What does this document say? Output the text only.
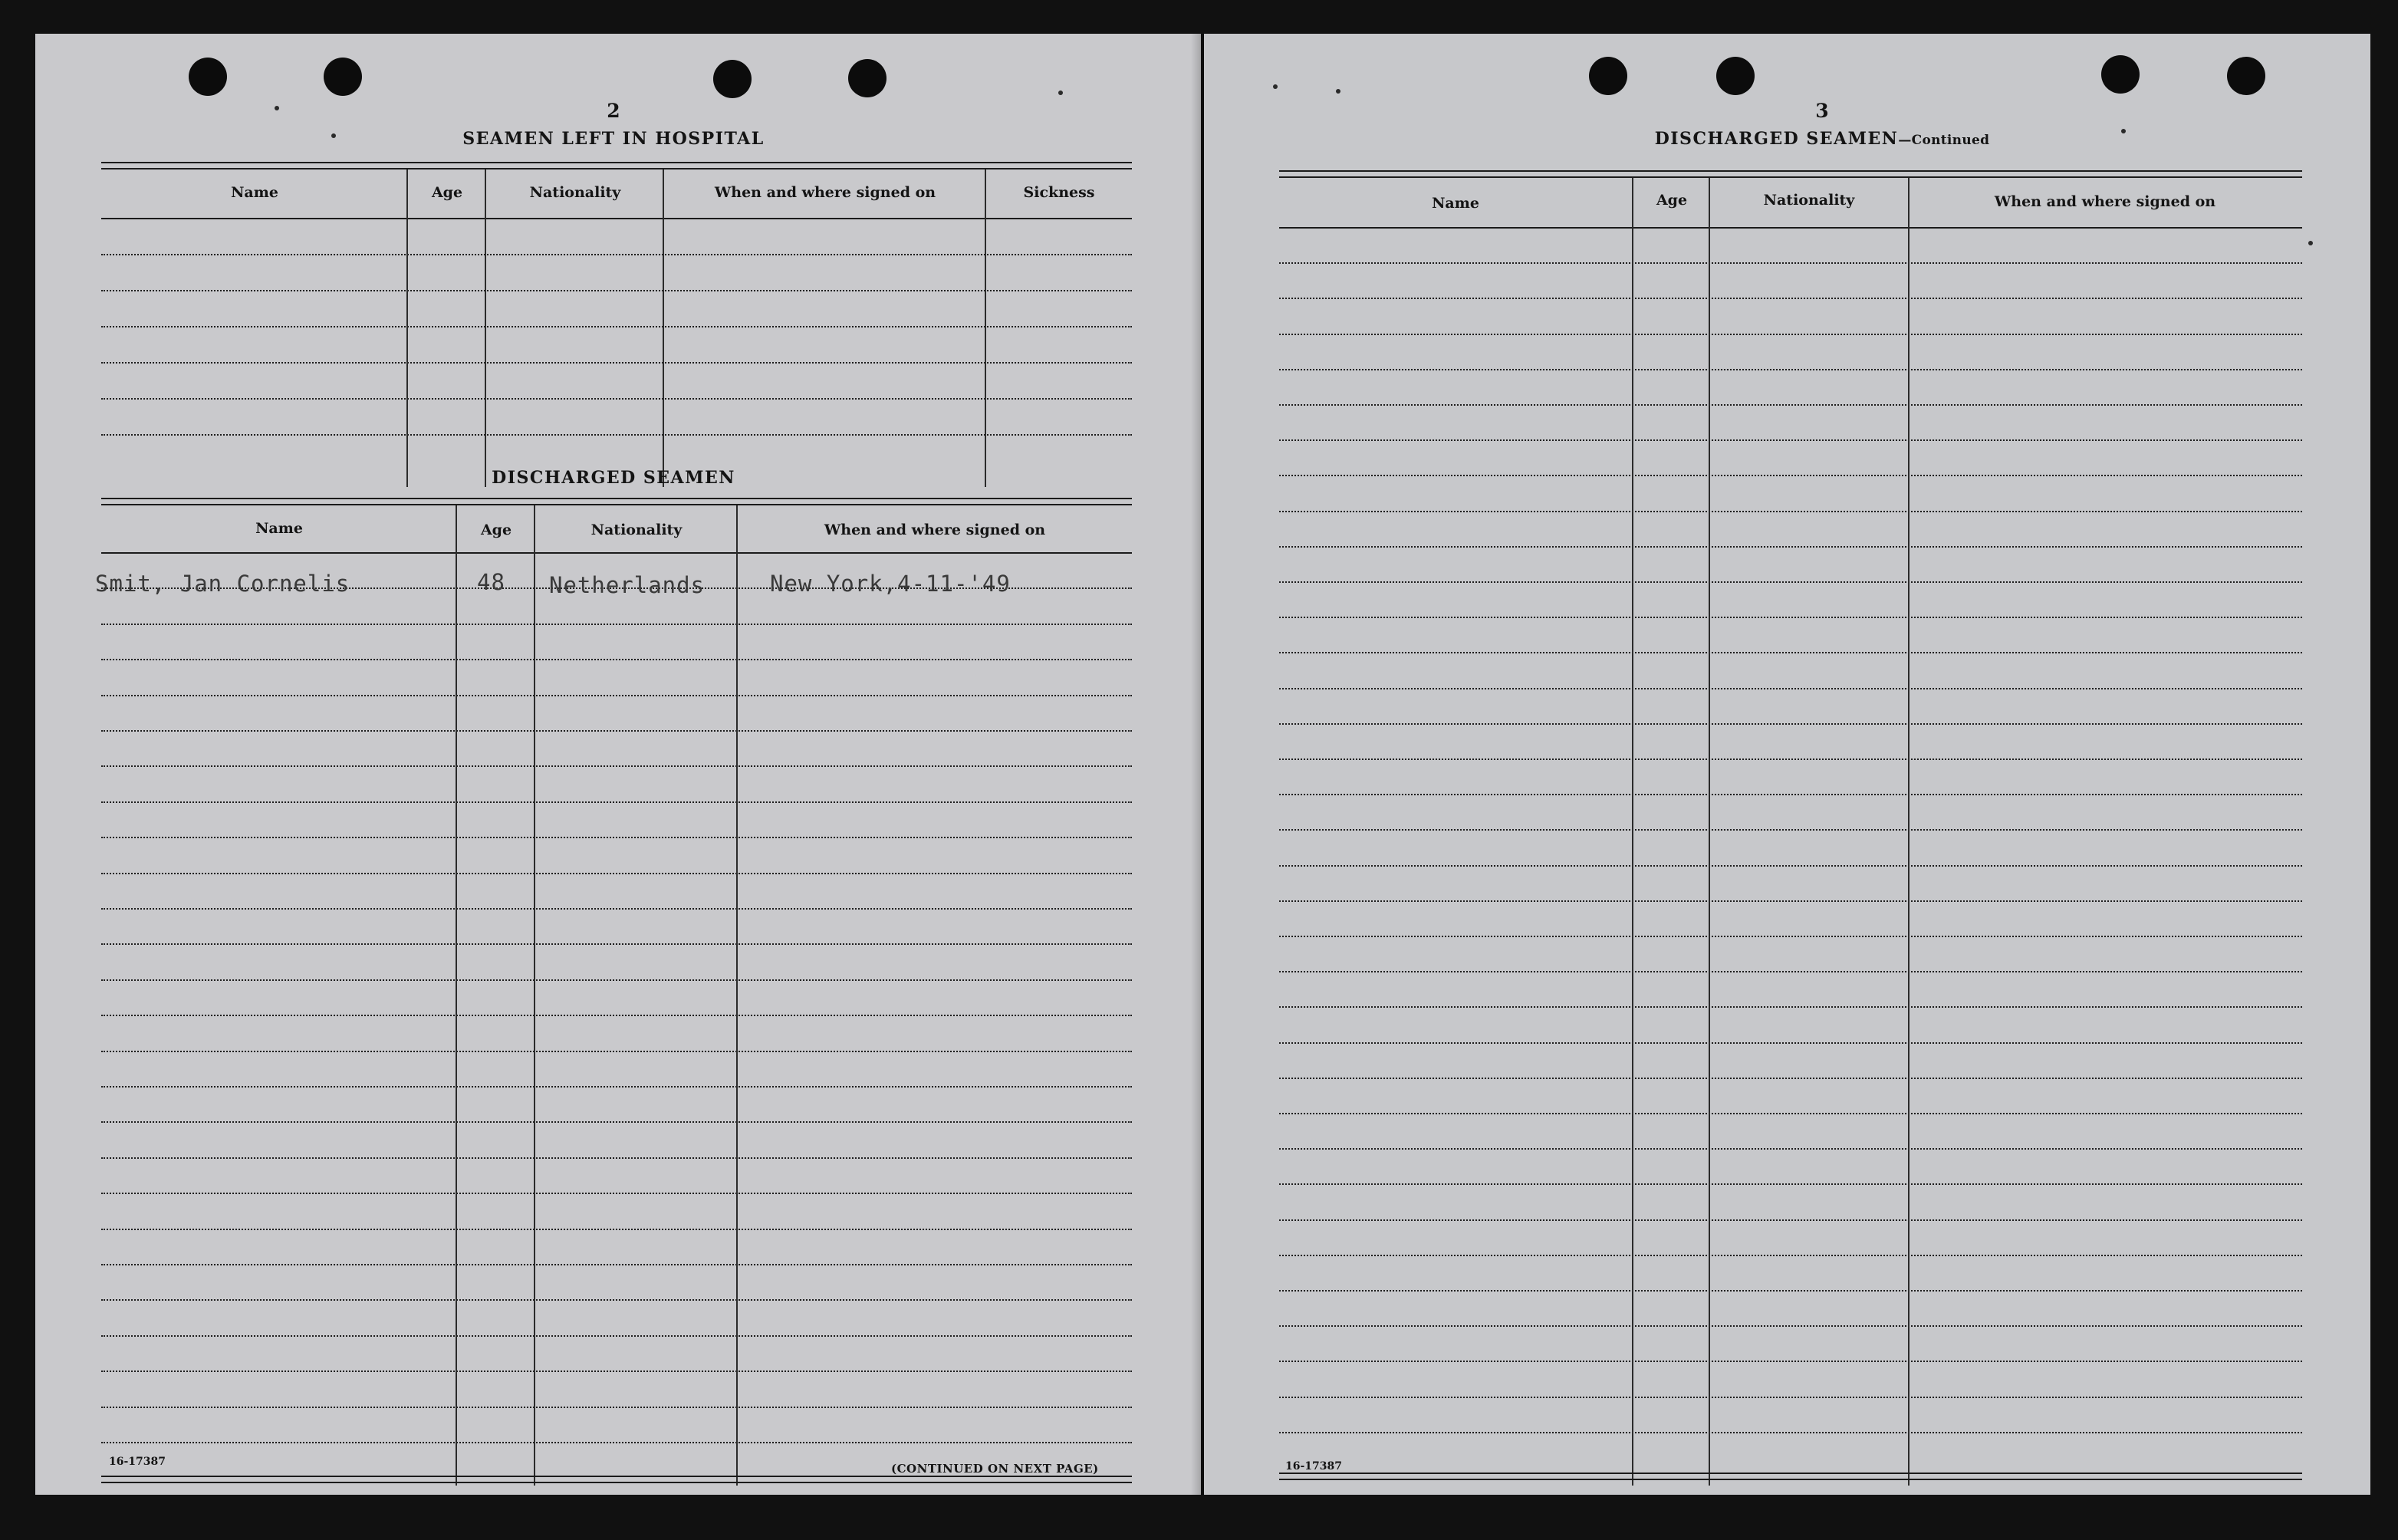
2
SEAMEN LEFT IN HOSPITAL
Name	Age	Nationality	When and where signed on	Sickness
DISCHARGED SEAMEN
Name	Age	Nationality	When and where signed on
Smit, Jan Cornelis	48 Netherlands	New York,4-11-'49
16-17387	(CONTINUED ON NEXT PAGE)
3
DISCHARGED SEAMEN—Continued
Name	Age	Nationality	When and where signed on
16-17387
